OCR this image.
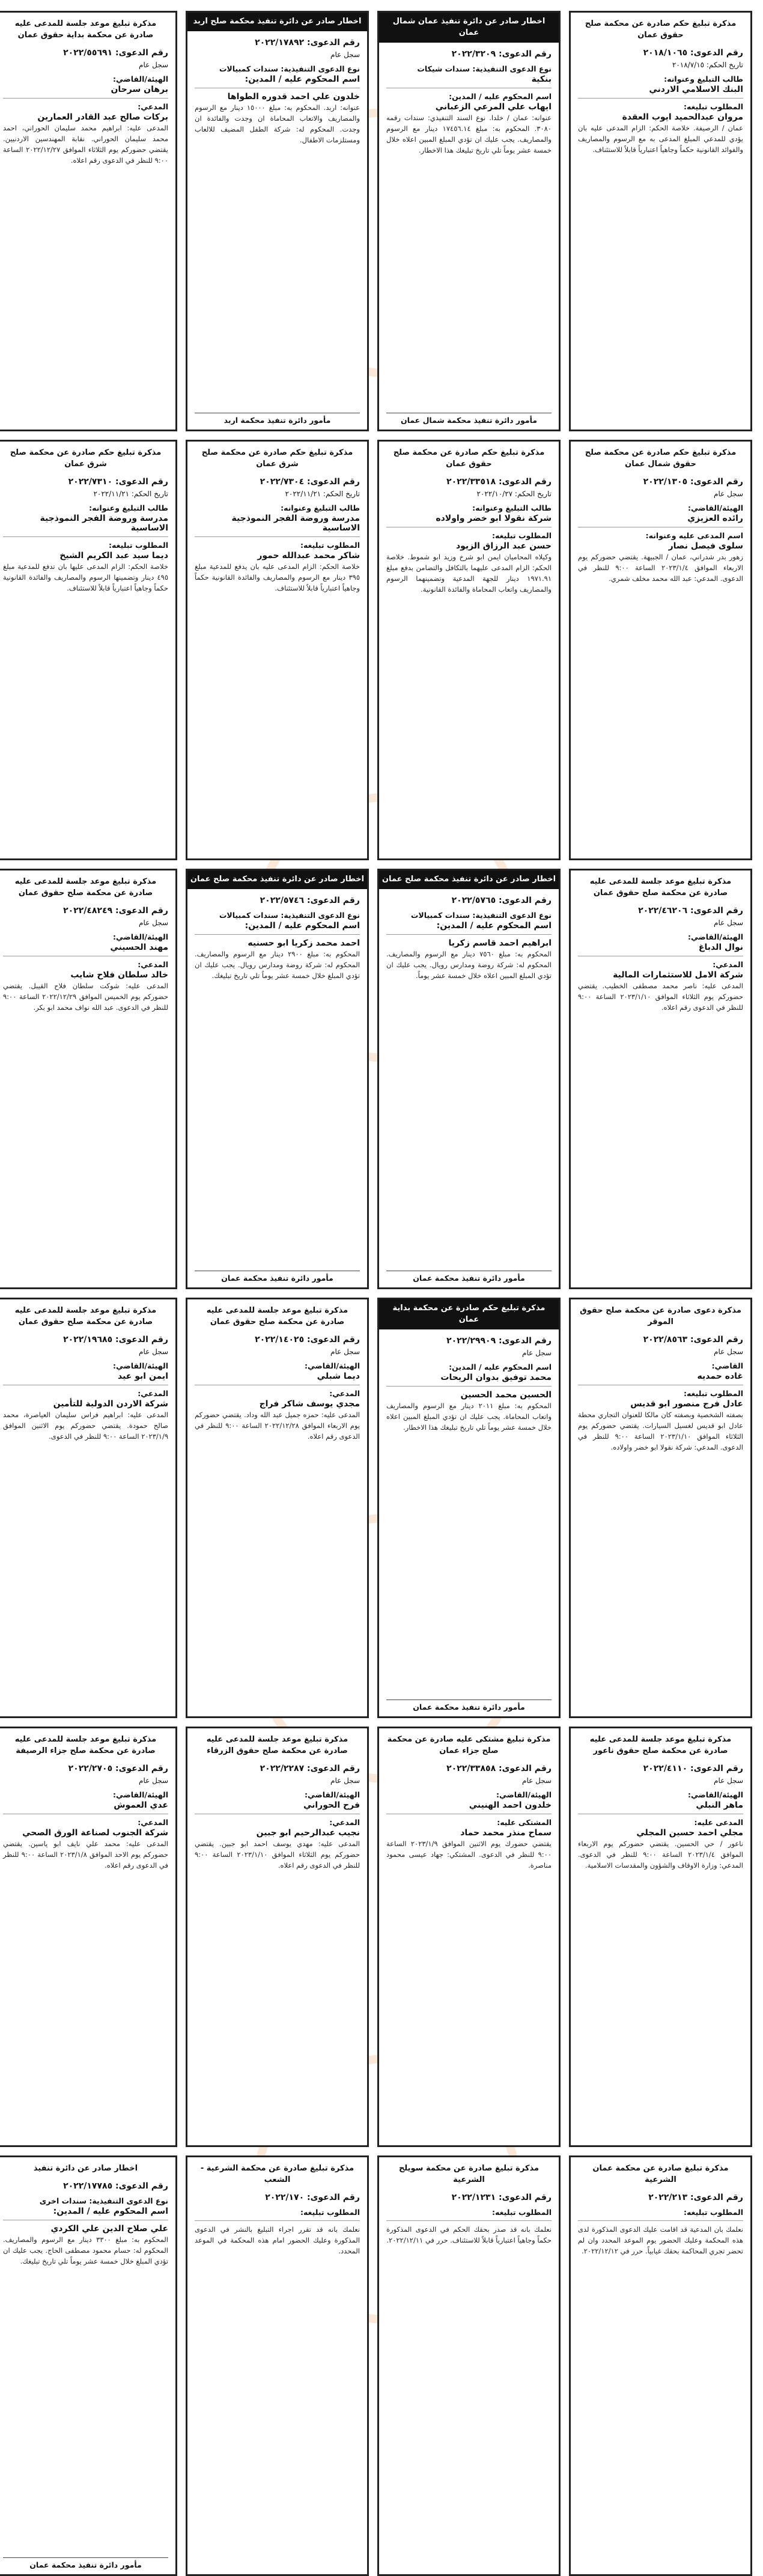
مذكرة تبليغ حكم صادرة عن محكمة صلح حقوق عمان
رقم الدعوى: ٢٠١٨/١٠٦٥
تاريخ الحكم: ٢٠١٨/٧/١٥
طالب التبليغ وعنوانه:
البنك الاسلامي الاردني
المطلوب تبليغه:
مروان عبدالحميد ايوب العقدة
عمان / الرصيفة. خلاصة الحكم: الزام المدعى عليه بان يؤدي للمدعي المبلغ المدعى به مع الرسوم والمصاريف والفوائد القانونية حكماً وجاهياً اعتبارياً قابلاً للاستئناف.
اخطار صادر عن دائرة تنفيذ عمان شمال عمان
رقم الدعوى: ٢٠٢٢/٣٢٠٩
نوع الدعوى التنفيذية: سندات شيكات
بنكية
اسم المحكوم عليه / المدين:
ايهاب علي المرعي الزعباني
عنوانه: عمان / خلدا. نوع السند التنفيذي: سندات رقمه ٣٠٨٠. المحكوم به: مبلغ ١٧٤٥٦.١٤ دينار مع الرسوم والمصاريف. يجب عليك ان تؤدي المبلغ المبين اعلاه خلال خمسة عشر يوماً تلي تاريخ تبليغك هذا الاخطار.
مأمور دائرة تنفيذ محكمة شمال عمان
اخطار صادر عن دائرة تنفيذ محكمة صلح اربد
رقم الدعوى: ٢٠٢٢/١٧٨٩٢
سجل عام
نوع الدعوى التنفيذية: سندات كمبيالات
اسم المحكوم عليه / المدين:
خلدون علي احمد قدوره الطواها
عنوانه: اربد. المحكوم به: مبلغ ١٥٠٠٠ دينار مع الرسوم والمصاريف والاتعاب المحاماة ان وجدت والفائدة ان وجدت. المحكوم له: شركة الطفل المضيف للالعاب ومستلزمات الاطفال.
مأمور دائرة تنفيذ محكمة اربد
مذكرة تبليغ موعد جلسة للمدعى عليه صادرة عن محكمة بداية حقوق عمان
رقم الدعوى: ٢٠٢٢/٥٥٦٩١
سجل عام
الهيئة/القاضي:
برهان سرحان
المدعي:
بركات صالح عبد القادر العمارين
المدعى عليه: ابراهيم محمد سليمان الحوراني، احمد محمد سليمان الحوراني. نقابة المهندسين الاردنيين. يقتضي حضوركم يوم الثلاثاء الموافق ٢٠٢٢/١٢/٢٧ الساعة ٩:٠٠ للنظر في الدعوى رقم اعلاه.
مذكرة تبليغ حكم صادرة عن محكمة صلح حقوق شمال عمان
رقم الدعوى: ٢٠٢٢/١٣٠٥
سجل عام
الهيئة/القاضي:
رائده العزيزي
اسم المدعى عليه وعنوانه:
سلوى فيصل نصار
زهور بدر شدراني، عمان / الجبيهة. يقتضي حضوركم يوم الاربعاء الموافق ٢٠٢٣/١/٤ الساعة ٩:٠٠ للنظر في الدعوى. المدعي: عبد الله محمد مخلف شمري.
مذكرة تبليغ حكم صادرة عن محكمة صلح حقوق عمان
رقم الدعوى: ٢٠٢٢/٣٣٥١٨
تاريخ الحكم: ٢٠٢٢/١٠/٢٧
طالب التبليغ وعنوانه:
شركة نقولا ابو خضر واولاده
المطلوب تبليغه:
حسن عبد الرزاق الزيود
وكيلاه المحاميان ايمن ابو شرخ وزيد ابو شموط. خلاصة الحكم: الزام المدعى عليهما بالتكافل والتضامن بدفع مبلغ ١٩٧١.٩١ دينار للجهة المدعية وتضمينهما الرسوم والمصاريف واتعاب المحاماة والفائدة القانونية.
مذكرة تبليغ حكم صادرة عن محكمة صلح شرق عمان
رقم الدعوى: ٢٠٢٢/٧٣٠٤
تاريخ الحكم: ٢٠٢٢/١١/٢١
طالب التبليغ وعنوانه:
مدرسة وروضة الفجر النموذجية الاساسية
المطلوب تبليغه:
شاكر محمد عبدالله حمور
خلاصة الحكم: الزام المدعى عليه بان يدفع للمدعية مبلغ ٣٩٥ دينار مع الرسوم والمصاريف والفائدة القانونية حكماً وجاهياً اعتبارياً قابلاً للاستئناف.
مذكرة تبليغ حكم صادرة عن محكمة صلح شرق عمان
رقم الدعوى: ٢٠٢٢/٧٣١٠
تاريخ الحكم: ٢٠٢٢/١١/٢١
طالب التبليغ وعنوانه:
مدرسة وروضة الفجر النموذجية الاساسية
المطلوب تبليغه:
ديما سيد عبد الكريم الشيخ
خلاصة الحكم: الزام المدعى عليها بان تدفع للمدعية مبلغ ٤٩٥ دينار وتضمينها الرسوم والمصاريف والفائدة القانونية حكماً وجاهياً اعتبارياً قابلاً للاستئناف.
مذكرة تبليغ موعد جلسة للمدعى عليه صادرة عن محكمة صلح حقوق عمان
رقم الدعوى: ٢٠٢٢/٤٦٢٠٦
سجل عام
الهيئة/القاضي:
نوال الدباغ
المدعي:
شركة الامل للاستثمارات المالية
المدعى عليه: ناصر محمد مصطفى الخطيب. يقتضي حضوركم يوم الثلاثاء الموافق ٢٠٢٣/١/١٠ الساعة ٩:٠٠ للنظر في الدعوى رقم اعلاه.
اخطار صادر عن دائرة تنفيذ محكمة صلح عمان
رقم الدعوى: ٢٠٢٢/٥٧٦٥
نوع الدعوى التنفيذية: سندات كمبيالات
اسم المحكوم عليه / المدين:
ابراهيم احمد قاسم زكريا
المحكوم به: مبلغ ٧٥٦٠ دينار مع الرسوم والمصاريف. المحكوم له: شركة روضة ومدارس رويال. يجب عليك ان تؤدي المبلغ المبين اعلاه خلال خمسة عشر يوماً.
مأمور دائرة تنفيذ محكمة عمان
اخطار صادر عن دائرة تنفيذ محكمة صلح عمان
رقم الدعوى: ٢٠٢٢/٥٧٤٦
نوع الدعوى التنفيذية: سندات كمبيالات
اسم المحكوم عليه / المدين:
احمد محمد زكريا ابو حسنيه
المحكوم به: مبلغ ٢٩٠٠ دينار مع الرسوم والمصاريف. المحكوم له: شركة روضة ومدارس رويال. يجب عليك ان تؤدي المبلغ خلال خمسة عشر يوماً تلي تاريخ تبليغك.
مأمور دائرة تنفيذ محكمة عمان
مذكرة تبليغ موعد جلسة للمدعى عليه صادرة عن محكمة صلح حقوق عمان
رقم الدعوى: ٢٠٢٢/٤٨٢٤٩
سجل عام
الهيئة/القاضي:
مهند الحسيني
المدعي:
خالد سلطان فلاح شايب
المدعى عليه: شوكت سلطان فلاح القيبل. يقتضي حضوركم يوم الخميس الموافق ٢٠٢٢/١٢/٢٩ الساعة ٩:٠٠ للنظر في الدعوى. عبد الله نواف محمد ابو بكر.
مذكرة دعوى صادرة عن محكمة صلح حقوق الموقر
رقم الدعوى: ٢٠٢٢/٨٥٦٣
سجل عام
القاضي:
غاده حمديه
المطلوب تبليغه:
عادل فرج منصور ابو قديس
بصفته الشخصية وبصفته كان مالكا للعنوان التجاري محطة عادل ابو قديس لغسيل السيارات. يقتضي حضوركم يوم الثلاثاء الموافق ٢٠٢٣/١/١٠ الساعة ٩:٠٠ للنظر في الدعوى. المدعي: شركة نقولا ابو خضر واولاده.
مذكرة تبليغ حكم صادرة عن محكمة بداية عمان
رقم الدعوى: ٢٠٢٢/٢٩٩٠٩
سجل عام
اسم المحكوم عليه / المدين:
محمد توفيق بدوان الريحات
الحسين محمد الحسين
المحكوم به: مبلغ ٢٠١١ دينار مع الرسوم والمصاريف واتعاب المحاماة. يجب عليك ان تؤدي المبلغ المبين اعلاه خلال خمسة عشر يوماً تلي تاريخ تبليغك هذا الاخطار.
مأمور دائرة تنفيذ محكمة عمان
مذكرة تبليغ موعد جلسة للمدعى عليه صادرة عن محكمة صلح حقوق عمان
رقم الدعوى: ٢٠٢٢/١٤٠٢٥
سجل عام
الهيئة/القاضي:
ديما شبلي
المدعي:
مجدي يوسف شاكر فراج
المدعى عليه: حمزه جميل عبد الله وداد. يقتضي حضوركم يوم الاربعاء الموافق ٢٠٢٢/١٢/٢٨ الساعة ٩:٠٠ للنظر في الدعوى رقم اعلاه.
مذكرة تبليغ موعد جلسة للمدعى عليه صادرة عن محكمة صلح حقوق عمان
رقم الدعوى: ٢٠٢٢/١٩٦٨٥
سجل عام
الهيئة/القاضي:
ايمن ابو عيد
المدعي:
شركة الاردن الدولية للتأمين
المدعى عليه: ابراهيم فراس سليمان العياصرة، محمد صالح حمودة. يقتضي حضوركم يوم الاثنين الموافق ٢٠٢٣/١/٩ الساعة ٩:٠٠ للنظر في الدعوى.
مذكرة تبليغ موعد جلسة للمدعى عليه صادرة عن محكمة صلح حقوق ناعور
رقم الدعوى: ٢٠٢٢/٤١١٠
سجل عام
الهيئة/القاضي:
ماهر النبلي
المدعى عليه:
مجلي احمد حسين المجلي
ناعور / حي الحسين. يقتضي حضوركم يوم الاربعاء الموافق ٢٠٢٣/١/٤ الساعة ٩:٠٠ للنظر في الدعوى. المدعي: وزارة الاوقاف والشؤون والمقدسات الاسلامية.
مذكرة تبليغ مشتكى عليه صادرة عن محكمة صلح جزاء عمان
رقم الدعوى: ٢٠٢٢/٣٣٨٥٨
سجل عام
الهيئة/القاضي:
خلدون احمد الهنيني
المشتكى عليه:
سماح منذر محمد حماد
يقتضي حضورك يوم الاثنين الموافق ٢٠٢٣/١/٩ الساعة ٩:٠٠ للنظر في الدعوى. المشتكي: جهاد عيسى محمود مناصرة.
مذكرة تبليغ موعد جلسة للمدعى عليه صادرة عن محكمة صلح حقوق الزرقاء
رقم الدعوى: ٢٠٢٢/٢٢٨٧
سجل عام
الهيئة/القاضي:
فرح الحوراني
المدعي:
نجيب عبدالرحيم ابو جبين
المدعى عليه: مهدي يوسف احمد ابو جبين. يقتضي حضوركم يوم الثلاثاء الموافق ٢٠٢٣/١/١٠ الساعة ٩:٠٠ للنظر في الدعوى رقم اعلاه.
مذكرة تبليغ موعد جلسة للمدعى عليه صادرة عن محكمة صلح جزاء الرصيفة
رقم الدعوى: ٢٠٢٢/٢٧٠٥
سجل عام
الهيئة/القاضي:
عدي العموش
المدعي:
شركة الجنوب لصناعة الورق الصحي
المدعى عليه: محمد علي نايف ابو ياسين. يقتضي حضوركم يوم الاحد الموافق ٢٠٢٣/١/٨ الساعة ٩:٠٠ للنظر في الدعوى رقم اعلاه.
مذكرة تبليغ صادرة عن محكمة عمان الشرعية
رقم الدعوى: ٢٠٢٢/٢١٣
المطلوب تبليغه:
نعلمك بان المدعية قد اقامت عليك الدعوى المذكورة لدى هذه المحكمة وعليك الحضور يوم الموعد المحدد وان لم تحضر تجري المحاكمة بحقك غيابياً. حرر في ٢٠٢٢/١٢/١٢.
مذكرة تبليغ صادرة عن محكمة سويلح الشرعية
رقم الدعوى: ٢٠٢٢/١٢٣١
المطلوب تبليغه:
نعلمك بانه قد صدر بحقك الحكم في الدعوى المذكورة حكماً وجاهياً اعتبارياً قابلاً للاستئناف. حرر في ٢٠٢٢/١٢/١١.
مذكرة تبليغ صادرة عن محكمة الشرعية - الشعب
رقم الدعوى: ٢٠٢٢/١٧٠
المطلوب تبليغه:
نعلمك بانه قد تقرر اجراء التبليغ بالنشر في الدعوى المذكورة وعليك الحضور امام هذه المحكمة في الموعد المحدد.
اخطار صادر عن دائرة تنفيذ
رقم الدعوى: ٢٠٢٢/١٧٧٨٥
نوع الدعوى التنفيذية: سندات اخرى
اسم المحكوم عليه / المدين:
علي صلاح الدين علي الكردي
المحكوم به: مبلغ ٣٣٠٠ دينار مع الرسوم والمصاريف. المحكوم له: حسام محمود مصطفى الحاج. يجب عليك ان تؤدي المبلغ خلال خمسة عشر يوماً تلي تاريخ تبليغك.
مأمور دائرة تنفيذ محكمة عمان
